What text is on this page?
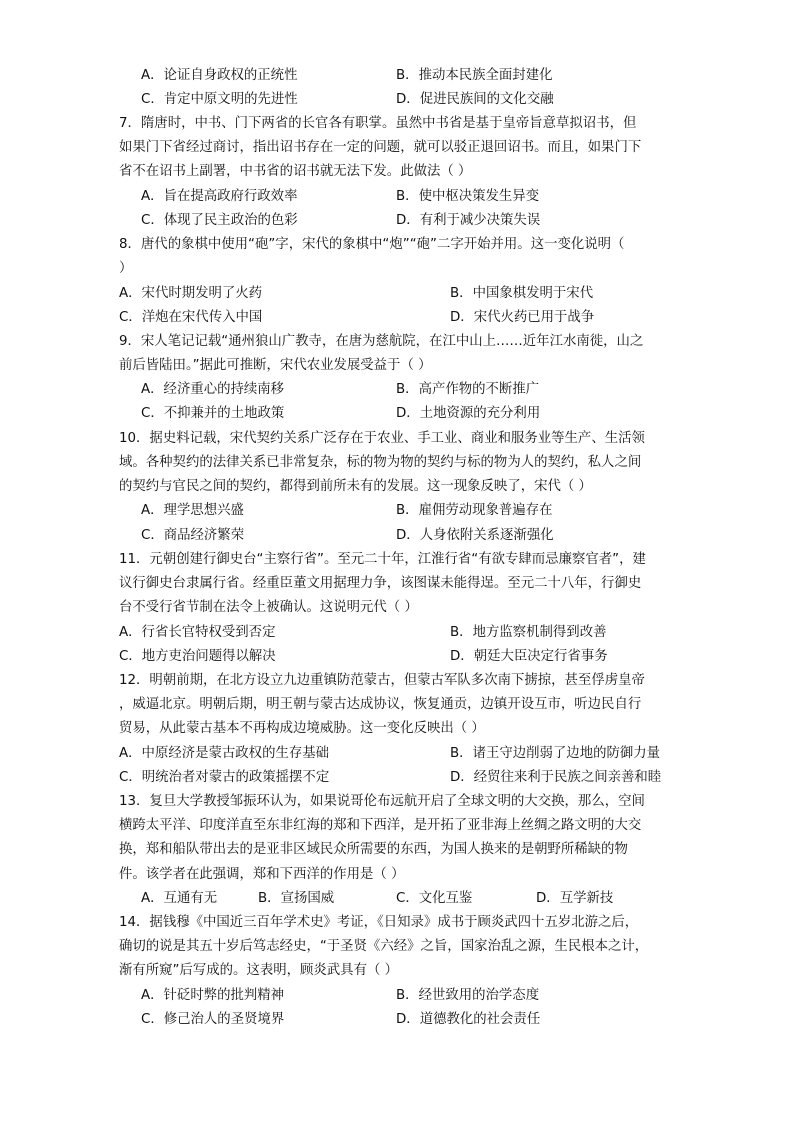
A．论证自身政权的正统性	B．推动本民族全面封建化
C．肯定中原文明的先进性	D．促进民族间的文化交融
7．隋唐时，中书、门下两省的长官各有职掌。虽然中书省是基于皇帝旨意草拟诏书，但
如果门下省经过商讨，指出诏书存在一定的问题，就可以驳正退回诏书。而且，如果门下
省不在诏书上副署，中书省的诏书就无法下发。此做法（ ）
A．旨在提高政府行政效率	B．使中枢决策发生异变
C．体现了民主政治的色彩	D．有利于减少决策失误
8．唐代的象棋中使用“砲”字，宋代的象棋中“炮”“砲”二字开始并用。这一变化说明（
）
A．宋代时期发明了火药	B．中国象棋发明于宋代
C．洋炮在宋代传入中国	D．宋代火药已用于战争
9．宋人笔记记载“通州狼山广教寺，在唐为慈航院，在江中山上……近年江水南徙，山之
前后皆陆田。”据此可推断，宋代农业发展受益于（ ）
A．经济重心的持续南移	B．高产作物的不断推广
C．不抑兼并的土地政策	D．土地资源的充分利用
10．据史料记载，宋代契约关系广泛存在于农业、手工业、商业和服务业等生产、生活领
域。各种契约的法律关系已非常复杂，标的物为物的契约与标的物为人的契约，私人之间
的契约与官民之间的契约，都得到前所未有的发展。这一现象反映了，宋代（ ）
A．理学思想兴盛	B．雇佣劳动现象普遍存在
C．商品经济繁荣	D．人身依附关系逐渐强化
11．元朝创建行御史台“主察行省”。至元二十年，江淮行省“有欲专肆而忌廉察官者”，建
议行御史台隶属行省。经重臣董文用据理力争，该图谋未能得逞。至元二十八年，行御史
台不受行省节制在法令上被确认。这说明元代（ ）
A．行省长官特权受到否定	B．地方监察机制得到改善
C．地方吏治问题得以解决	D．朝廷大臣决定行省事务
12．明朝前期，在北方设立九边重镇防范蒙古，但蒙古军队多次南下掳掠，甚至俘虏皇帝
，威逼北京。明朝后期，明王朝与蒙古达成协议，恢复通贡，边镇开设互市，听边民自行
贸易，从此蒙古基本不再构成边境威胁。这一变化反映出（ ）
A．中原经济是蒙古政权的生存基础	B．诸王守边削弱了边地的防御力量
C．明统治者对蒙古的政策摇摆不定	D．经贸往来利于民族之间亲善和睦
13．复旦大学教授邹振环认为，如果说哥伦布远航开启了全球文明的大交换，那么，空间
横跨太平洋、印度洋直至东非红海的郑和下西洋，是开拓了亚非海上丝绸之路文明的大交
换，郑和船队带出去的是亚非区域民众所需要的东西，为国人换来的是朝野所稀缺的物
件。该学者在此强调，郑和下西洋的作用是（ ）
A．互通有无	B．宣扬国威	C．文化互鉴	D．互学新技
14．据钱穆《中国近三百年学术史》考证，《日知录》成书于顾炎武四十五岁北游之后，
确切的说是其五十岁后笃志经史，“于圣贤《六经》之旨，国家治乱之源，生民根本之计，
渐有所窥”后写成的。这表明，顾炎武具有（ ）
A．针砭时弊的批判精神	B．经世致用的治学态度
C．修己治人的圣贤境界	D．道德教化的社会责任
